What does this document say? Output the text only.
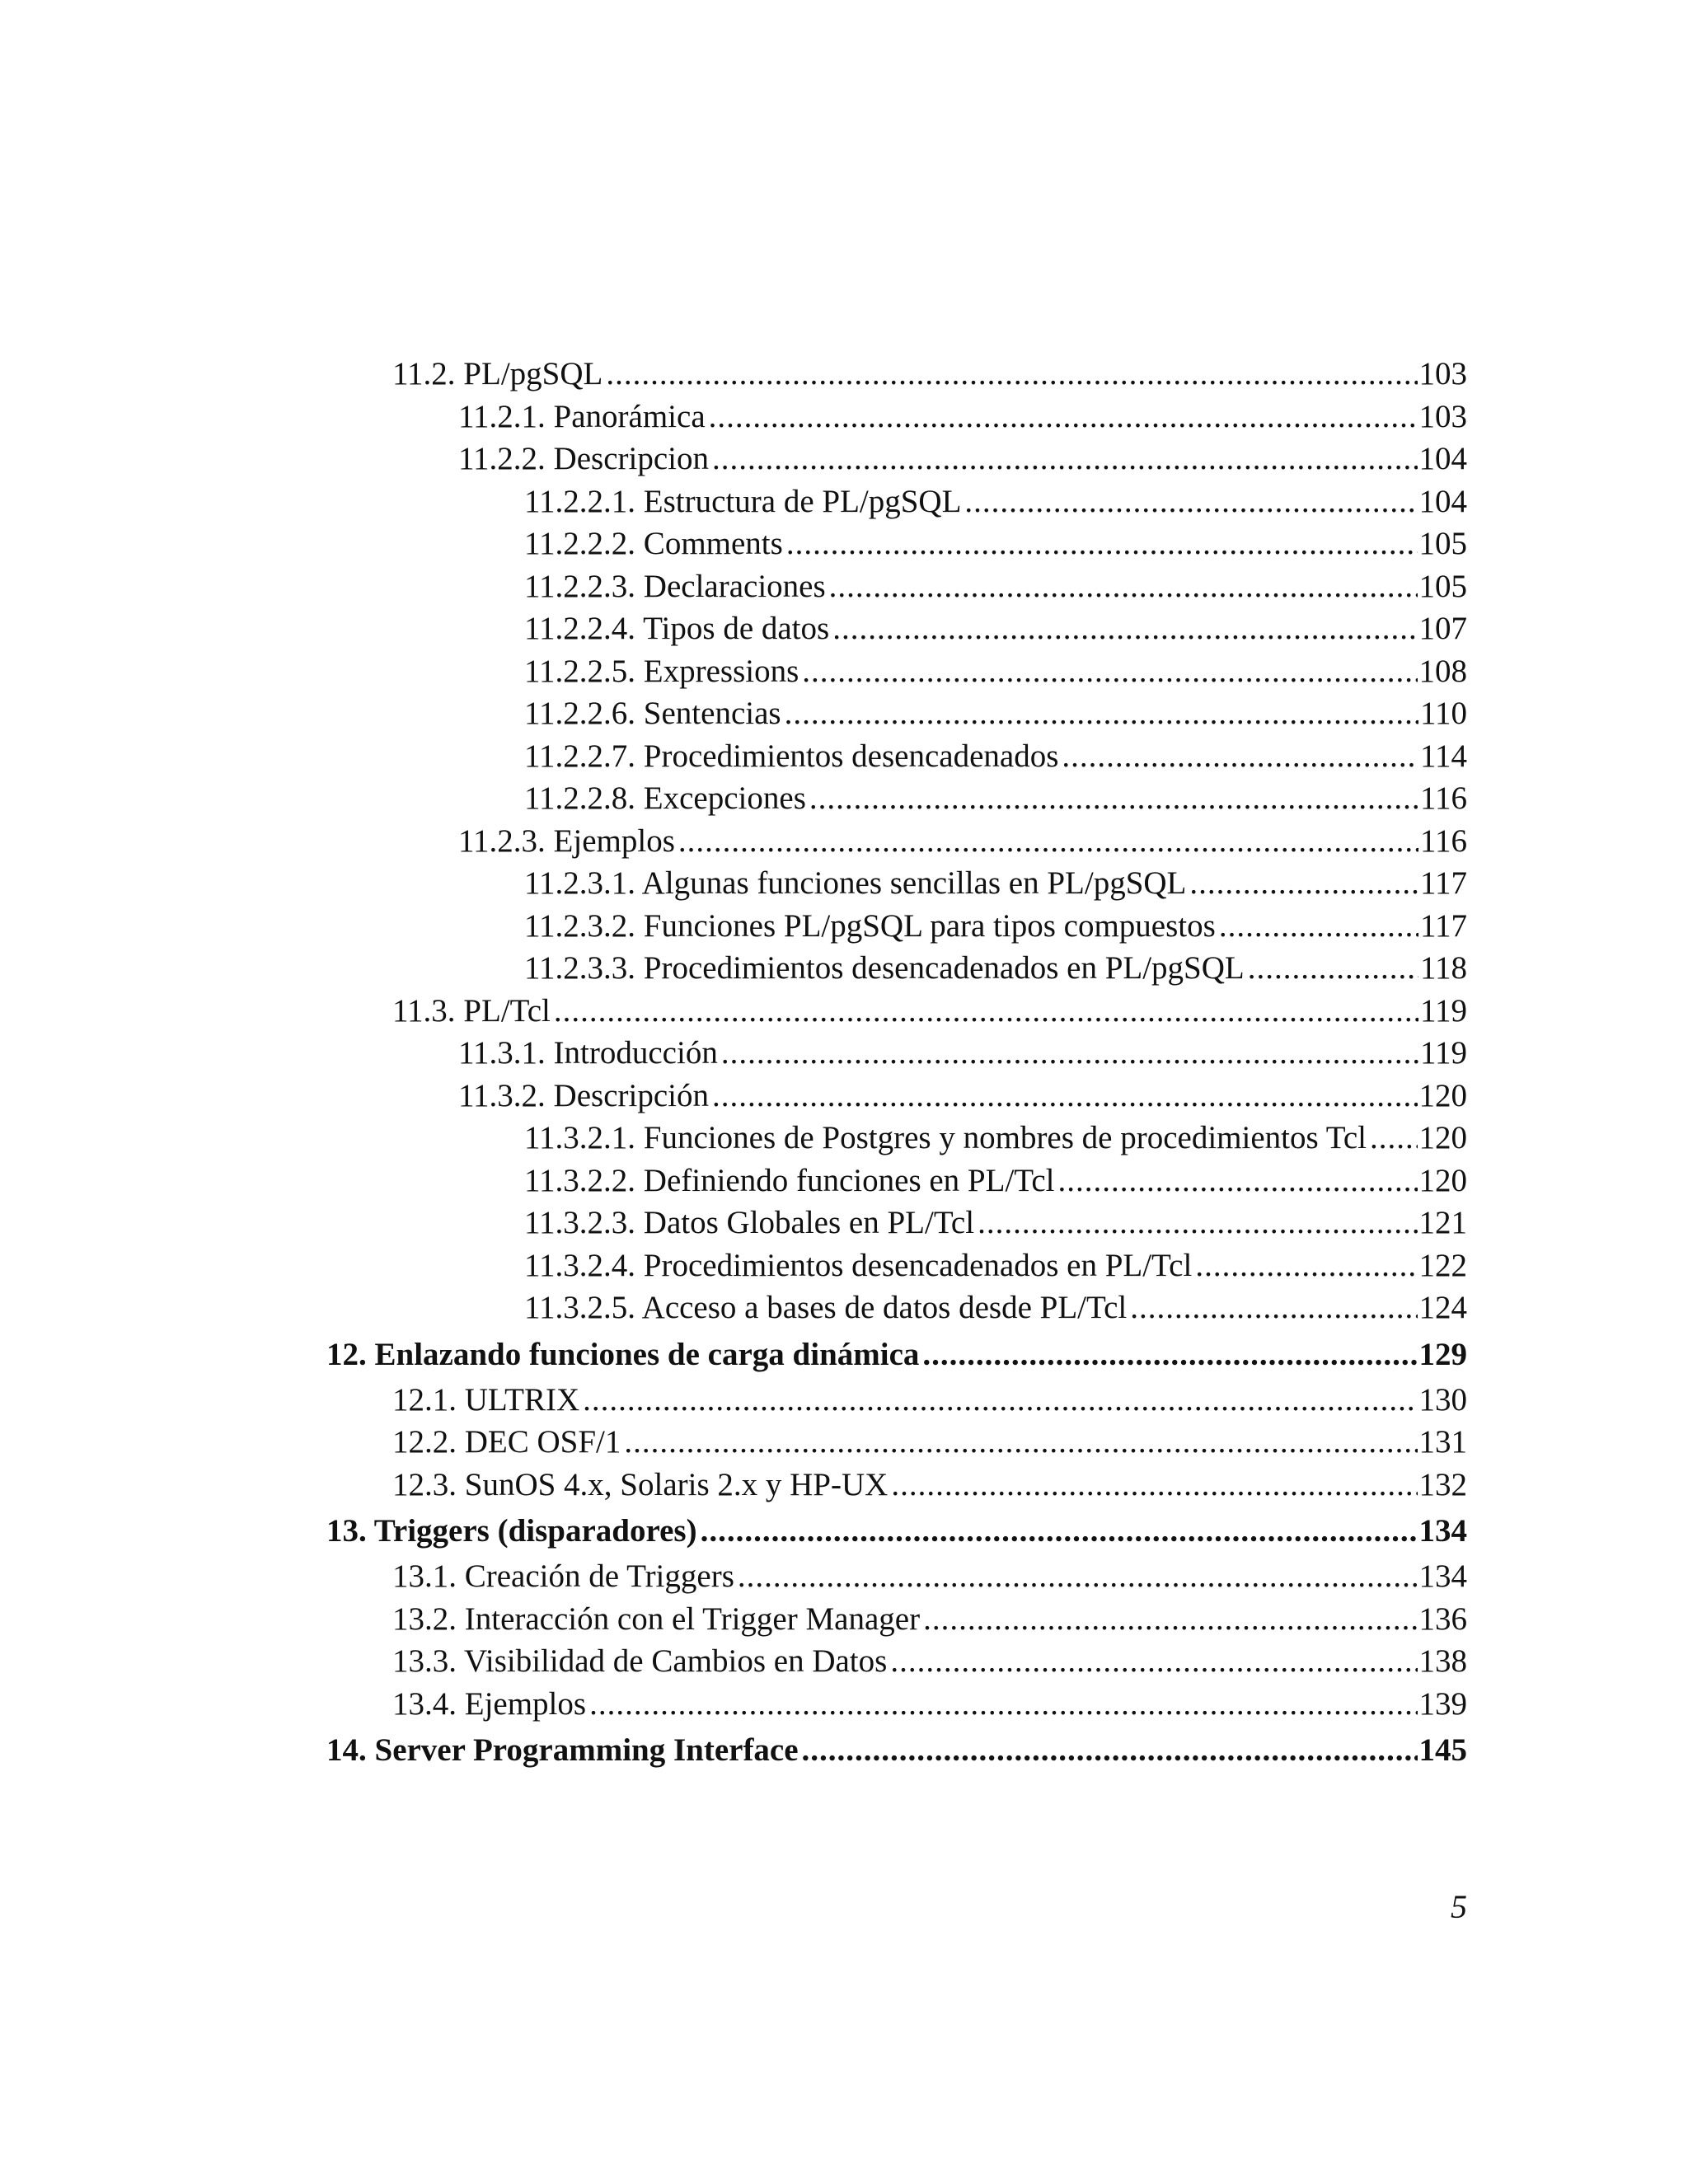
11.2. PL/pgSQL .....	103
11.2.1. Panorámica .....	103
11.2.2. Descripcion .....	104
11.2.2.1. Estructura de PL/pgSQL .....	104
11.2.2.2. Comments .....	105
11.2.2.3. Declaraciones .....	105
11.2.2.4. Tipos de datos .....	107
11.2.2.5. Expressions .....	108
11.2.2.6. Sentencias .....	110
11.2.2.7. Procedimientos desencadenados .....	114
11.2.2.8. Excepciones .....	116
11.2.3. Ejemplos .....	116
11.2.3.1. Algunas funciones sencillas en PL/pgSQL .....	117
11.2.3.2. Funciones PL/pgSQL para tipos compuestos .....	117
11.2.3.3. Procedimientos desencadenados en PL/pgSQL .....	118
11.3. PL/Tcl .....	119
11.3.1. Introducción .....	119
11.3.2. Descripción .....	120
11.3.2.1. Funciones de Postgres y nombres de procedimientos Tcl ..... 120
11.3.2.2. Definiendo funciones en PL/Tcl .....	120
11.3.2.3. Datos Globales en PL/Tcl .....	121
11.3.2.4. Procedimientos desencadenados en PL/Tcl .....	122
11.3.2.5. Acceso a bases de datos desde PL/Tcl .....	124
12. Enlazando funciones de carga dinámica .....	129
12.1. ULTRIX .....	130
12.2. DEC OSF/1 .....	131
12.3. SunOS 4.x, Solaris 2.x y HP-UX .....	132
13. Triggers (disparadores) .....	134
13.1. Creación de Triggers .....	134
13.2. Interacción con el Trigger Manager .....	136
13.3. Visibilidad de Cambios en Datos .....	138
13.4. Ejemplos .....	139
14. Server Programming Interface .....	145
5
